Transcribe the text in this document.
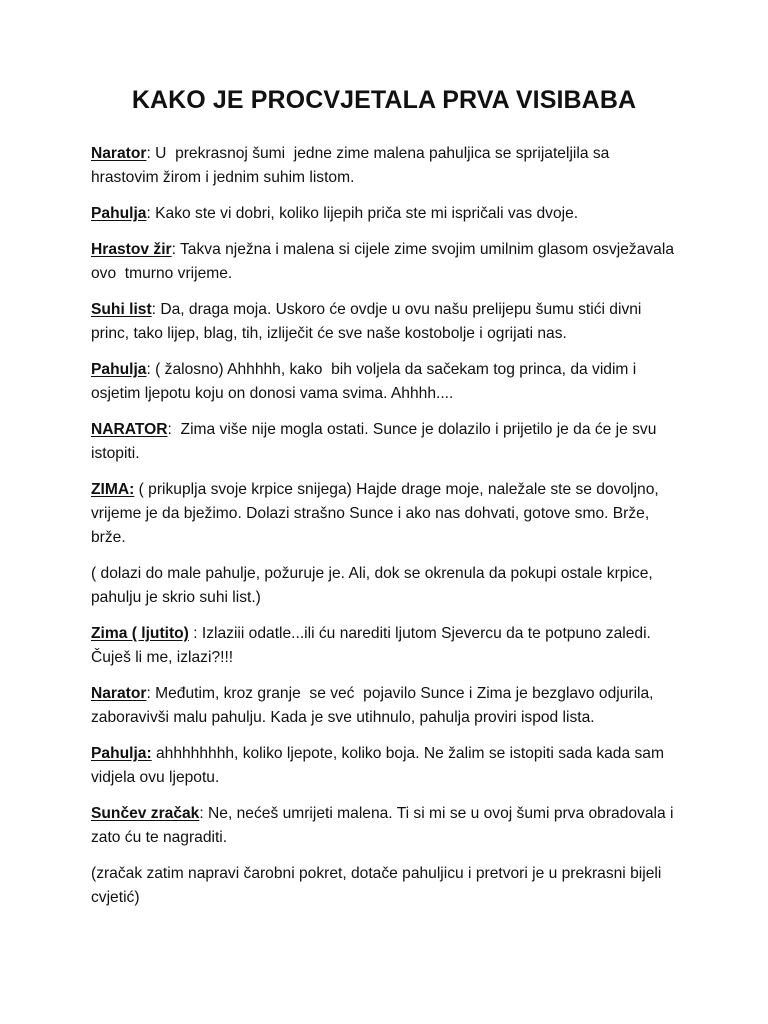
KAKO JE PROCVJETALA PRVA VISIBABA

Narator: U  prekrasnoj šumi  jedne zime malena pahuljica se sprijateljila sa hrastovim žirom i jednim suhim listom.

Pahulja: Kako ste vi dobri, koliko lijepih priča ste mi ispričali vas dvoje.

Hrastov žir: Takva nježna i malena si cijele zime svojim umilnim glasom osvježavala ovo  tmurno vrijeme.

Suhi list: Da, draga moja. Uskoro će ovdje u ovu našu prelijepu šumu stići divni princ, tako lijep, blag, tih, izliječit će sve naše kostobolje i ogrijati nas.

Pahulja: ( žalosno) Ahhhhh, kako  bih voljela da sačekam tog princa, da vidim i osjetim ljepotu koju on donosi vama svima. Ahhhh....

NARATOR:  Zima više nije mogla ostati. Sunce je dolazilo i prijetilo je da će je svu istopiti.

ZIMA: ( prikuplja svoje krpice snijega) Hajde drage moje, naležale ste se dovoljno, vrijeme je da bježimo. Dolazi strašno Sunce i ako nas dohvati, gotove smo. Brže, brže.

( dolazi do male pahulje, požuruje je. Ali, dok se okrenula da pokupi ostale krpice, pahulju je skrio suhi list.)

Zima ( ljutito) : Izlaziii odatle...ili ću narediti ljutom Sjevercu da te potpuno zaledi. Čuješ li me, izlazi?!!!

Narator: Međutim, kroz granje  se već  pojavilo Sunce i Zima je bezglavo odjurila, zaboravivši malu pahulju. Kada je sve utihnulo, pahulja proviri ispod lista.

Pahulja: ahhhhhhhh, koliko ljepote, koliko boja. Ne žalim se istopiti sada kada sam vidjela ovu ljepotu.

Sunčev zračak: Ne, nećeš umrijeti malena. Ti si mi se u ovoj šumi prva obradovala i zato ću te nagraditi.

(zračak zatim napravi čarobni pokret, dotače pahuljicu i pretvori je u prekrasni bijeli cvjetić)
